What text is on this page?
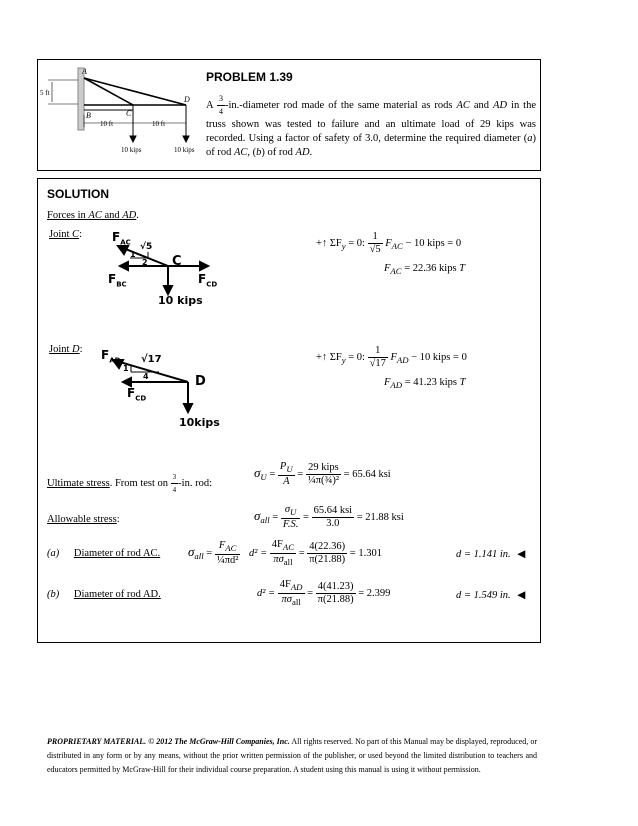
A
B	C
D
5 ft
10 ft	10 ft
10 kips	10 kips
PROBLEM 1.39
A $\frac{3}{4}$ -in.-diameter rod made of the same material as rods AC and AD in the truss shown was tested to failure and an ultimate load of 29 kips was recorded. Using a factor of safety of 3.0, determine the required diameter (a) of rod AC, (b) of rod AD.
SOLUTION
Forces in AC and AD.
Joint C:	$F_{AC}$ √5
1
2 C
$F_{BC}$	$F_{CD}$
10 kips
+↑ $\Sigma F_y = 0$: $\frac{1}{√5} F_{AC} - 10$ kips = 0
$F_{AC} = 22.36$ kips T
Joint D: $F_{AD}$ √17
1
4	D
$F_{CD}$
10kips
+↑ $\Sigma F_y = 0$: $\frac{1}{√17} F_{AD} - 10$ kips = 0
$F_{AD} = 41.23$ kips T
Ultimate stress. From test on $\frac{3}{4} -in$. rod:
$\sigma_U = \frac{P_U}{A} = \frac{\text{29 kips}}{\text{¼π(¾)²}} = 65.64$ ksi
Allowable stress:	$\sigma_{all} = \frac{\sigma_U}{F.S.} = \frac{\text{65.64 ksi}}{3.0} = 21.88$ ksi
(a) Diameter of rod AC. $\sigma_{all} = \frac{F_{AC}}{\text{¼πd²}} d^2 = \frac{4F_{AC}}{\pi\sigma_{all}} = \frac{4(22.36)}{\pi(21.88)} = 1.301$	d = 1.141 in. ◀
(b) Diameter of rod AD.	$d^2 = \frac{4F_{AD}}{\pi\sigma_{all}} = \frac{4(41.23)}{\pi(21.88)} = 2.399$	d = 1.549 in. ◀
PROPRIETARY MATERIAL. © 2012 The McGraw-Hill Companies, Inc. All rights reserved. No part of this Manual may be displayed, reproduced, or distributed in any form or by any means, without the prior written permission of the publisher, or used beyond the limited distribution to teachers and educators permitted by McGraw-Hill for their individual course preparation. A student using this manual is using it without permission.
